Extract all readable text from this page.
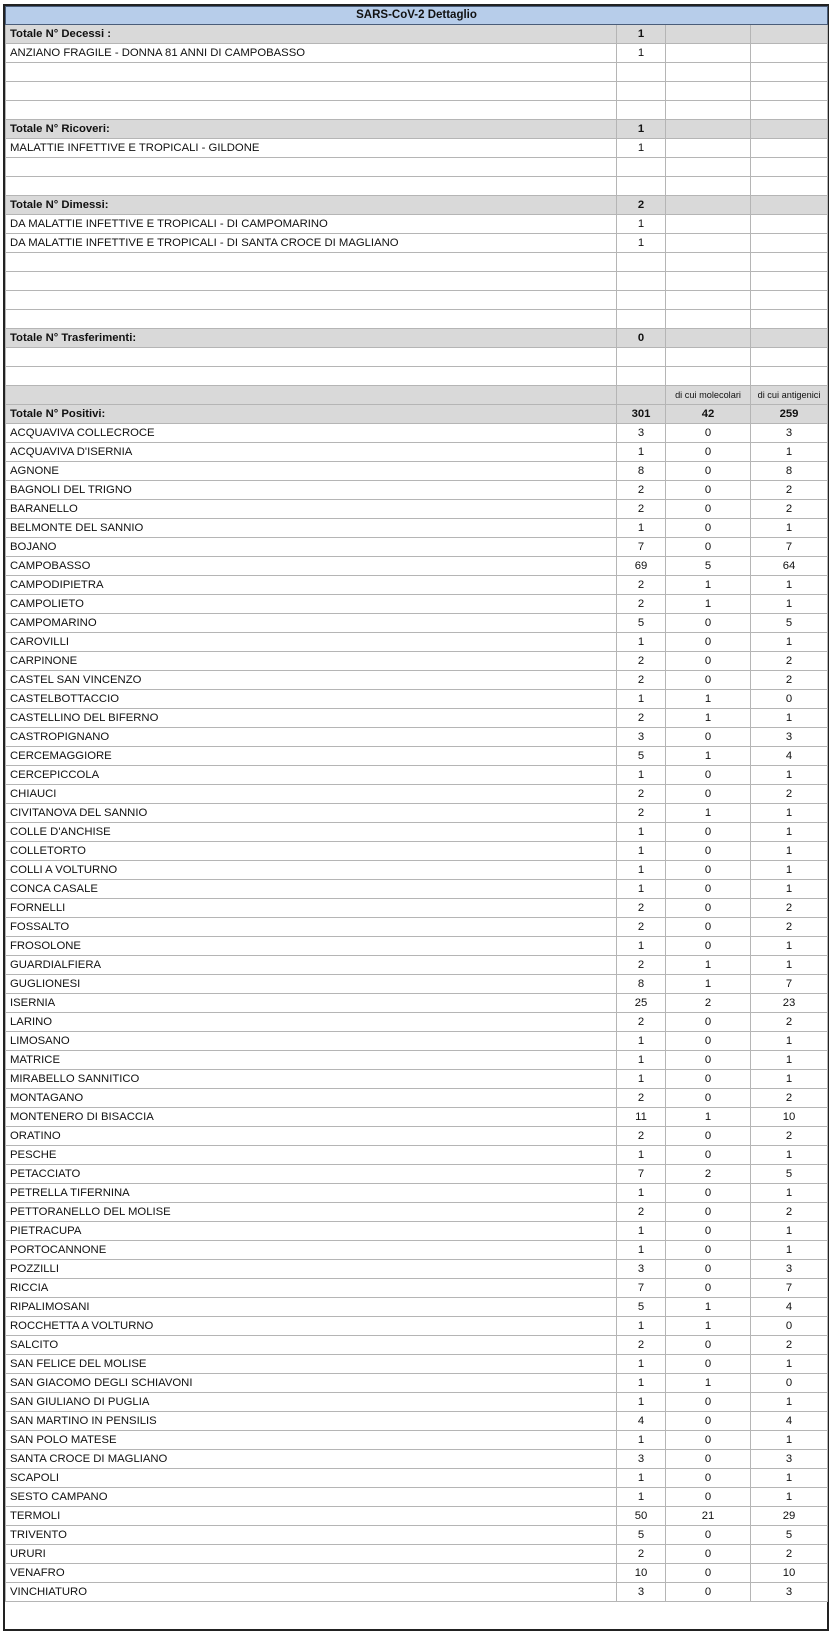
SARS-CoV-2 Dettaglio			
Totale N° Decessi :	1		
ANZIANO FRAGILE - DONNA 81 ANNI DI CAMPOBASSO	1		

Totale N° Ricoveri:	1		
MALATTIE INFETTIVE E TROPICALI - GILDONE	1		

Totale N° Dimessi:	2		
DA MALATTIE INFETTIVE E TROPICALI - DI CAMPOMARINO	1		
DA MALATTIE INFETTIVE E TROPICALI - DI SANTA CROCE DI MAGLIANO	1		

Totale N° Trasferimenti:	0		

		di cui molecolari	di cui antigenici
Totale N° Positivi:	301	42	259
ACQUAVIVA COLLECROCE	3	0	3
ACQUAVIVA D'ISERNIA	1	0	1
AGNONE	8	0	8
BAGNOLI DEL TRIGNO	2	0	2
BARANELLO	2	0	2
BELMONTE DEL SANNIO	1	0	1
BOJANO	7	0	7
CAMPOBASSO	69	5	64
CAMPODIPIETRA	2	1	1
CAMPOLIETO	2	1	1
CAMPOMARINO	5	0	5
CAROVILLI	1	0	1
CARPINONE	2	0	2
CASTEL SAN VINCENZO	2	0	2
CASTELBOTTACCIO	1	1	0
CASTELLINO DEL BIFERNO	2	1	1
CASTROPIGNANO	3	0	3
CERCEMAGGIORE	5	1	4
CERCEPICCOLA	1	0	1
CHIAUCI	2	0	2
CIVITANOVA DEL SANNIO	2	1	1
COLLE D'ANCHISE	1	0	1
COLLETORTO	1	0	1
COLLI A VOLTURNO	1	0	1
CONCA CASALE	1	0	1
FORNELLI	2	0	2
FOSSALTO	2	0	2
FROSOLONE	1	0	1
GUARDIALFIERA	2	1	1
GUGLIONESI	8	1	7
ISERNIA	25	2	23
LARINO	2	0	2
LIMOSANO	1	0	1
MATRICE	1	0	1
MIRABELLO SANNITICO	1	0	1
MONTAGANO	2	0	2
MONTENERO DI BISACCIA	11	1	10
ORATINO	2	0	2
PESCHE	1	0	1
PETACCIATO	7	2	5
PETRELLA TIFERNINA	1	0	1
PETTORANELLO DEL MOLISE	2	0	2
PIETRACUPA	1	0	1
PORTOCANNONE	1	0	1
POZZILLI	3	0	3
RICCIA	7	0	7
RIPALIMOSANI	5	1	4
ROCCHETTA A VOLTURNO	1	1	0
SALCITO	2	0	2
SAN FELICE DEL MOLISE	1	0	1
SAN GIACOMO DEGLI SCHIAVONI	1	1	0
SAN GIULIANO DI PUGLIA	1	0	1
SAN MARTINO IN PENSILIS	4	0	4
SAN POLO MATESE	1	0	1
SANTA CROCE DI MAGLIANO	3	0	3
SCAPOLI	1	0	1
SESTO CAMPANO	1	0	1
TERMOLI	50	21	29
TRIVENTO	5	0	5
URURI	2	0	2
VENAFRO	10	0	10
VINCHIATURO	3	0	3
